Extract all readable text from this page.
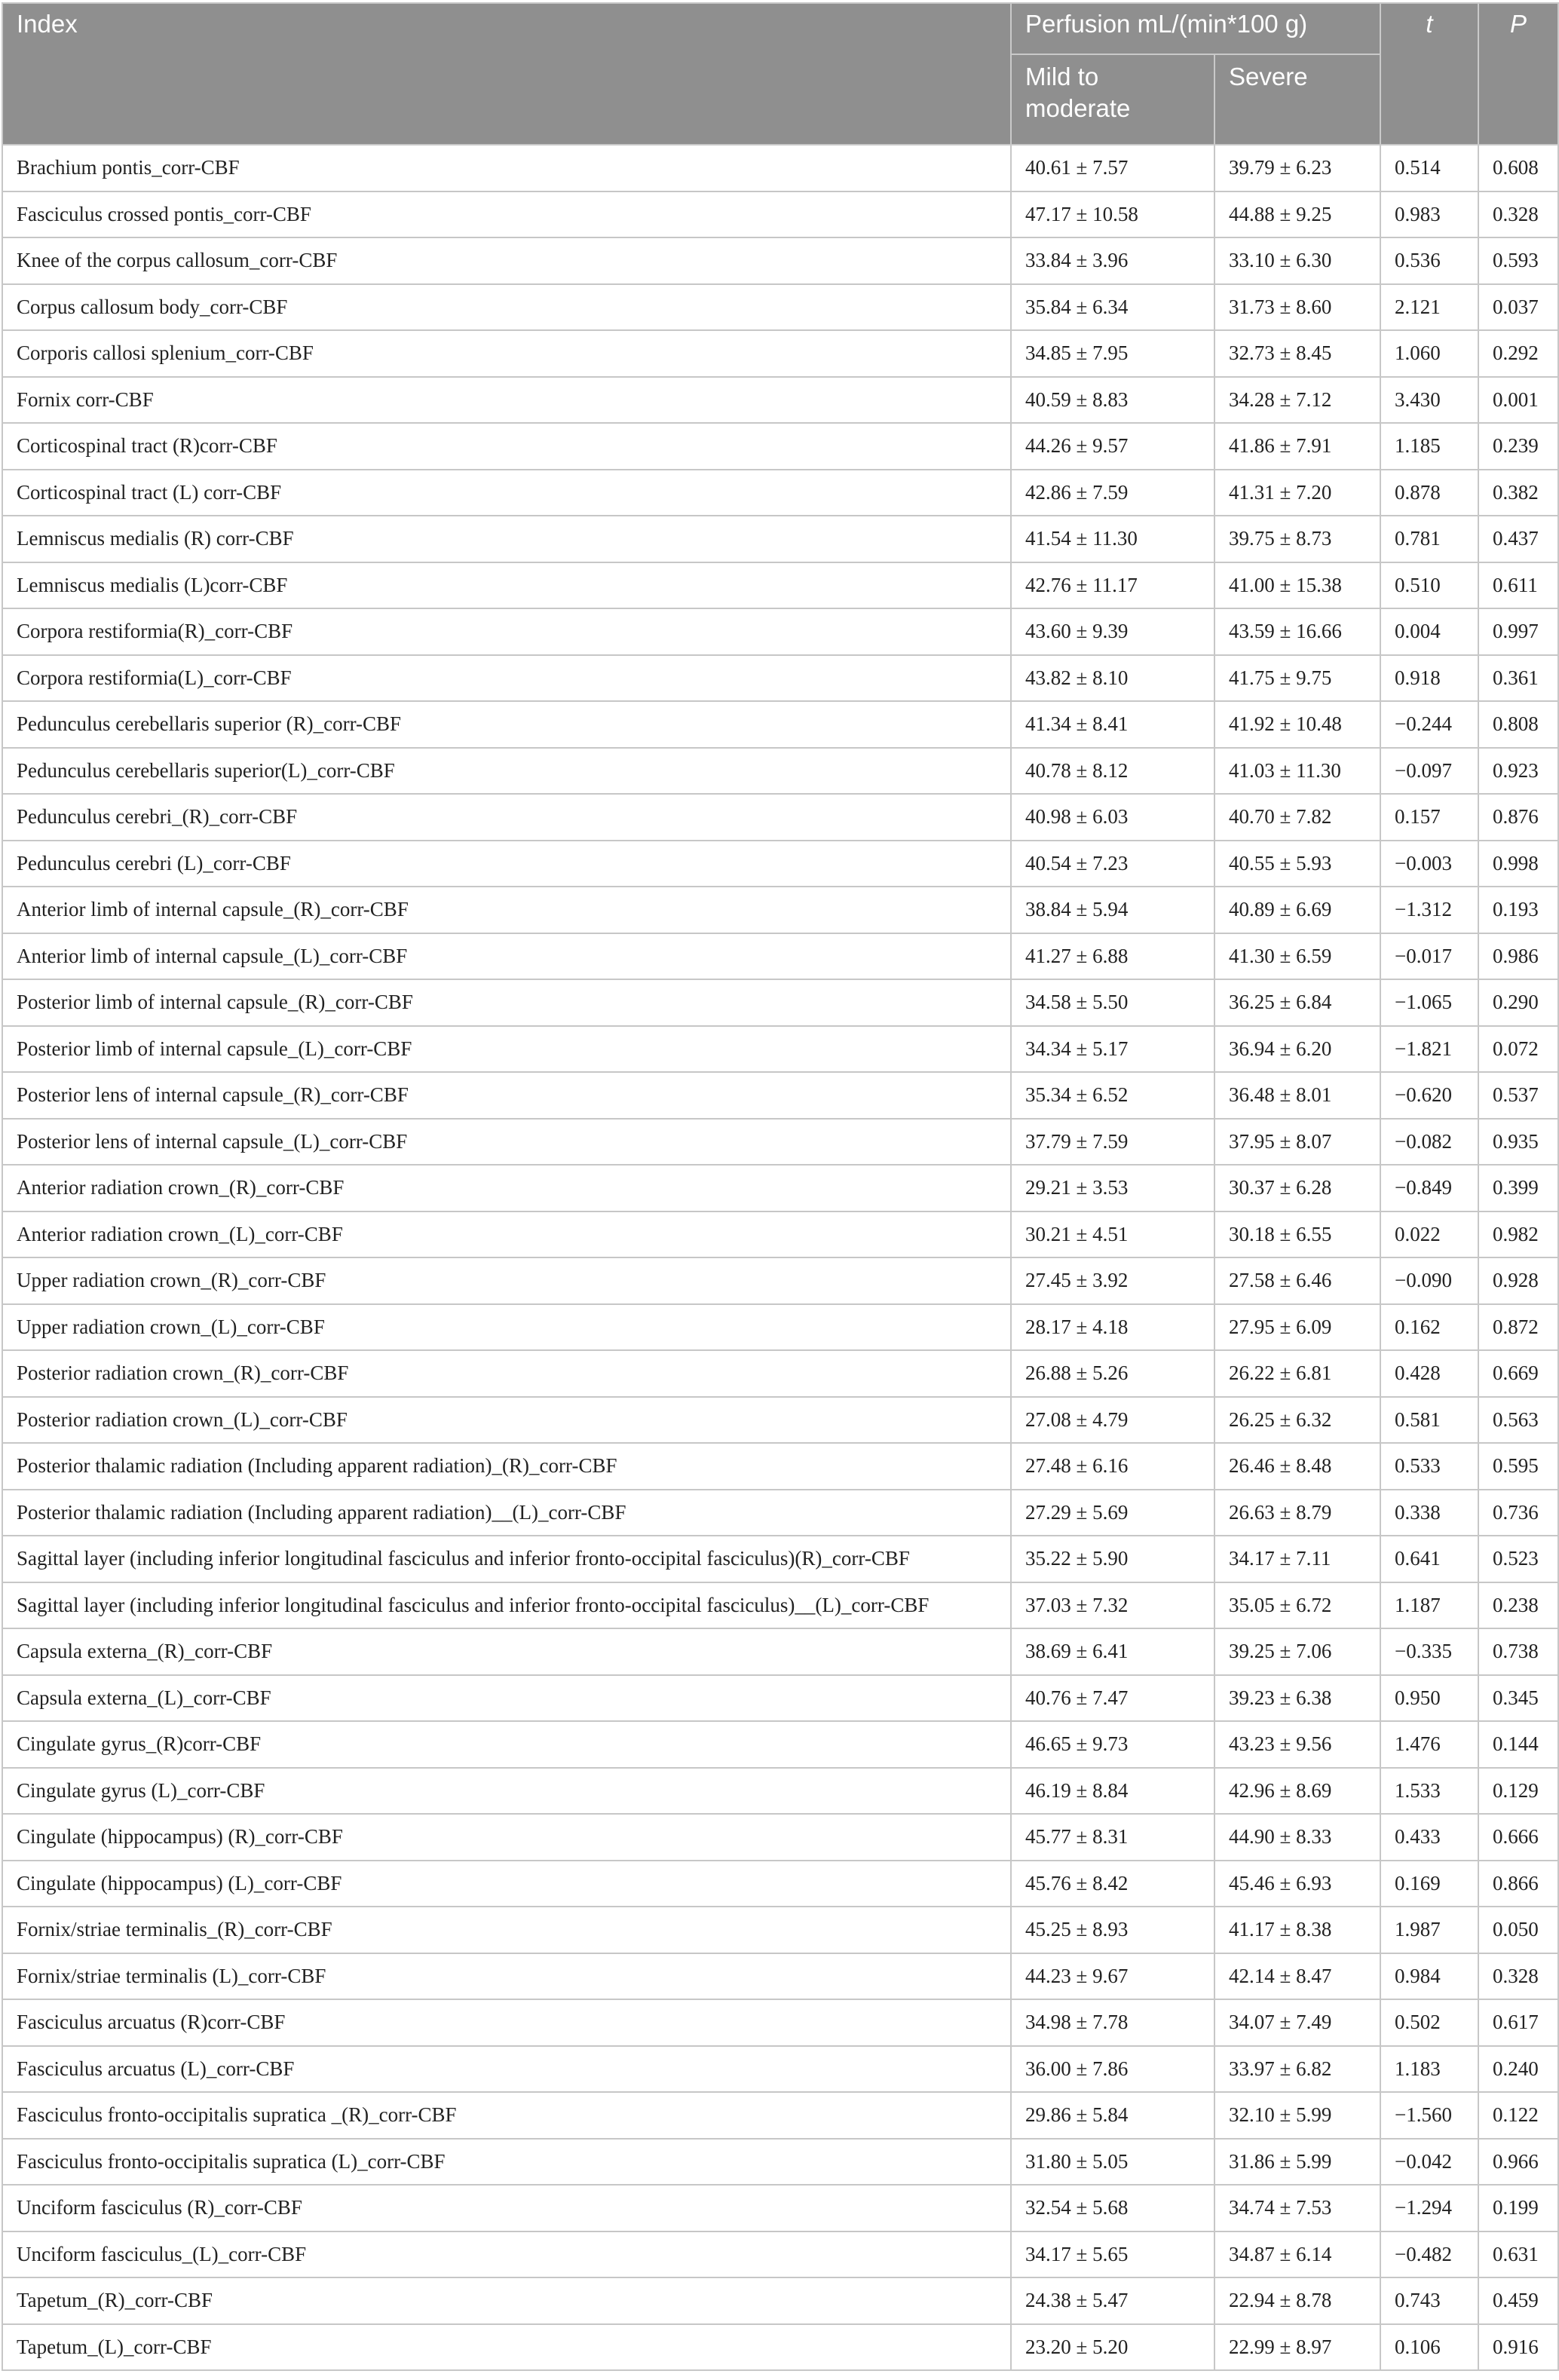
Index	Perfusion mL/(min*100 g)		t	P
	Mild to moderate	Severe		
Brachium pontis_corr-CBF	40.61 ± 7.57	39.79 ± 6.23	0.514	0.608
Fasciculus crossed pontis_corr-CBF	47.17 ± 10.58	44.88 ± 9.25	0.983	0.328
Knee of the corpus callosum_corr-CBF	33.84 ± 3.96	33.10 ± 6.30	0.536	0.593
Corpus callosum body_corr-CBF	35.84 ± 6.34	31.73 ± 8.60	2.121	0.037
Corporis callosi splenium_corr-CBF	34.85 ± 7.95	32.73 ± 8.45	1.060	0.292
Fornix corr-CBF	40.59 ± 8.83	34.28 ± 7.12	3.430	0.001
Corticospinal tract (R)corr-CBF	44.26 ± 9.57	41.86 ± 7.91	1.185	0.239
Corticospinal tract (L) corr-CBF	42.86 ± 7.59	41.31 ± 7.20	0.878	0.382
Lemniscus medialis (R) corr-CBF	41.54 ± 11.30	39.75 ± 8.73	0.781	0.437
Lemniscus medialis (L)corr-CBF	42.76 ± 11.17	41.00 ± 15.38	0.510	0.611
Corpora restiformia(R)_corr-CBF	43.60 ± 9.39	43.59 ± 16.66	0.004	0.997
Corpora restiformia(L)_corr-CBF	43.82 ± 8.10	41.75 ± 9.75	0.918	0.361
Pedunculus cerebellaris superior (R)_corr-CBF	41.34 ± 8.41	41.92 ± 10.48	−0.244	0.808
Pedunculus cerebellaris superior(L)_corr-CBF	40.78 ± 8.12	41.03 ± 11.30	−0.097	0.923
Pedunculus cerebri_(R)_corr-CBF	40.98 ± 6.03	40.70 ± 7.82	0.157	0.876
Pedunculus cerebri (L)_corr-CBF	40.54 ± 7.23	40.55 ± 5.93	−0.003	0.998
Anterior limb of internal capsule_(R)_corr-CBF	38.84 ± 5.94	40.89 ± 6.69	−1.312	0.193
Anterior limb of internal capsule_(L)_corr-CBF	41.27 ± 6.88	41.30 ± 6.59	−0.017	0.986
Posterior limb of internal capsule_(R)_corr-CBF	34.58 ± 5.50	36.25 ± 6.84	−1.065	0.290
Posterior limb of internal capsule_(L)_corr-CBF	34.34 ± 5.17	36.94 ± 6.20	−1.821	0.072
Posterior lens of internal capsule_(R)_corr-CBF	35.34 ± 6.52	36.48 ± 8.01	−0.620	0.537
Posterior lens of internal capsule_(L)_corr-CBF	37.79 ± 7.59	37.95 ± 8.07	−0.082	0.935
Anterior radiation crown_(R)_corr-CBF	29.21 ± 3.53	30.37 ± 6.28	−0.849	0.399
Anterior radiation crown_(L)_corr-CBF	30.21 ± 4.51	30.18 ± 6.55	0.022	0.982
Upper radiation crown_(R)_corr-CBF	27.45 ± 3.92	27.58 ± 6.46	−0.090	0.928
Upper radiation crown_(L)_corr-CBF	28.17 ± 4.18	27.95 ± 6.09	0.162	0.872
Posterior radiation crown_(R)_corr-CBF	26.88 ± 5.26	26.22 ± 6.81	0.428	0.669
Posterior radiation crown_(L)_corr-CBF	27.08 ± 4.79	26.25 ± 6.32	0.581	0.563
Posterior thalamic radiation (Including apparent radiation)_(R)_corr-CBF	27.48 ± 6.16	26.46 ± 8.48	0.533	0.595
Posterior thalamic radiation (Including apparent radiation)__(L)_corr-CBF	27.29 ± 5.69	26.63 ± 8.79	0.338	0.736
Sagittal layer (including inferior longitudinal fasciculus and inferior fronto-occipital fasciculus)(R)_corr-CBF	35.22 ± 5.90	34.17 ± 7.11	0.641	0.523
Sagittal layer (including inferior longitudinal fasciculus and inferior fronto-occipital fasciculus)__(L)_corr-CBF	37.03 ± 7.32	35.05 ± 6.72	1.187	0.238
Capsula externa_(R)_corr-CBF	38.69 ± 6.41	39.25 ± 7.06	−0.335	0.738
Capsula externa_(L)_corr-CBF	40.76 ± 7.47	39.23 ± 6.38	0.950	0.345
Cingulate gyrus_(R)corr-CBF	46.65 ± 9.73	43.23 ± 9.56	1.476	0.144
Cingulate gyrus (L)_corr-CBF	46.19 ± 8.84	42.96 ± 8.69	1.533	0.129
Cingulate (hippocampus) (R)_corr-CBF	45.77 ± 8.31	44.90 ± 8.33	0.433	0.666
Cingulate (hippocampus) (L)_corr-CBF	45.76 ± 8.42	45.46 ± 6.93	0.169	0.866
Fornix/striae terminalis_(R)_corr-CBF	45.25 ± 8.93	41.17 ± 8.38	1.987	0.050
Fornix/striae terminalis (L)_corr-CBF	44.23 ± 9.67	42.14 ± 8.47	0.984	0.328
Fasciculus arcuatus (R)corr-CBF	34.98 ± 7.78	34.07 ± 7.49	0.502	0.617
Fasciculus arcuatus (L)_corr-CBF	36.00 ± 7.86	33.97 ± 6.82	1.183	0.240
Fasciculus fronto-occipitalis supratica _(R)_corr-CBF	29.86 ± 5.84	32.10 ± 5.99	−1.560	0.122
Fasciculus fronto-occipitalis supratica (L)_corr-CBF	31.80 ± 5.05	31.86 ± 5.99	−0.042	0.966
Unciform fasciculus (R)_corr-CBF	32.54 ± 5.68	34.74 ± 7.53	−1.294	0.199
Unciform fasciculus_(L)_corr-CBF	34.17 ± 5.65	34.87 ± 6.14	−0.482	0.631
Tapetum_(R)_corr-CBF	24.38 ± 5.47	22.94 ± 8.78	0.743	0.459
Tapetum_(L)_corr-CBF	23.20 ± 5.20	22.99 ± 8.97	0.106	0.916
